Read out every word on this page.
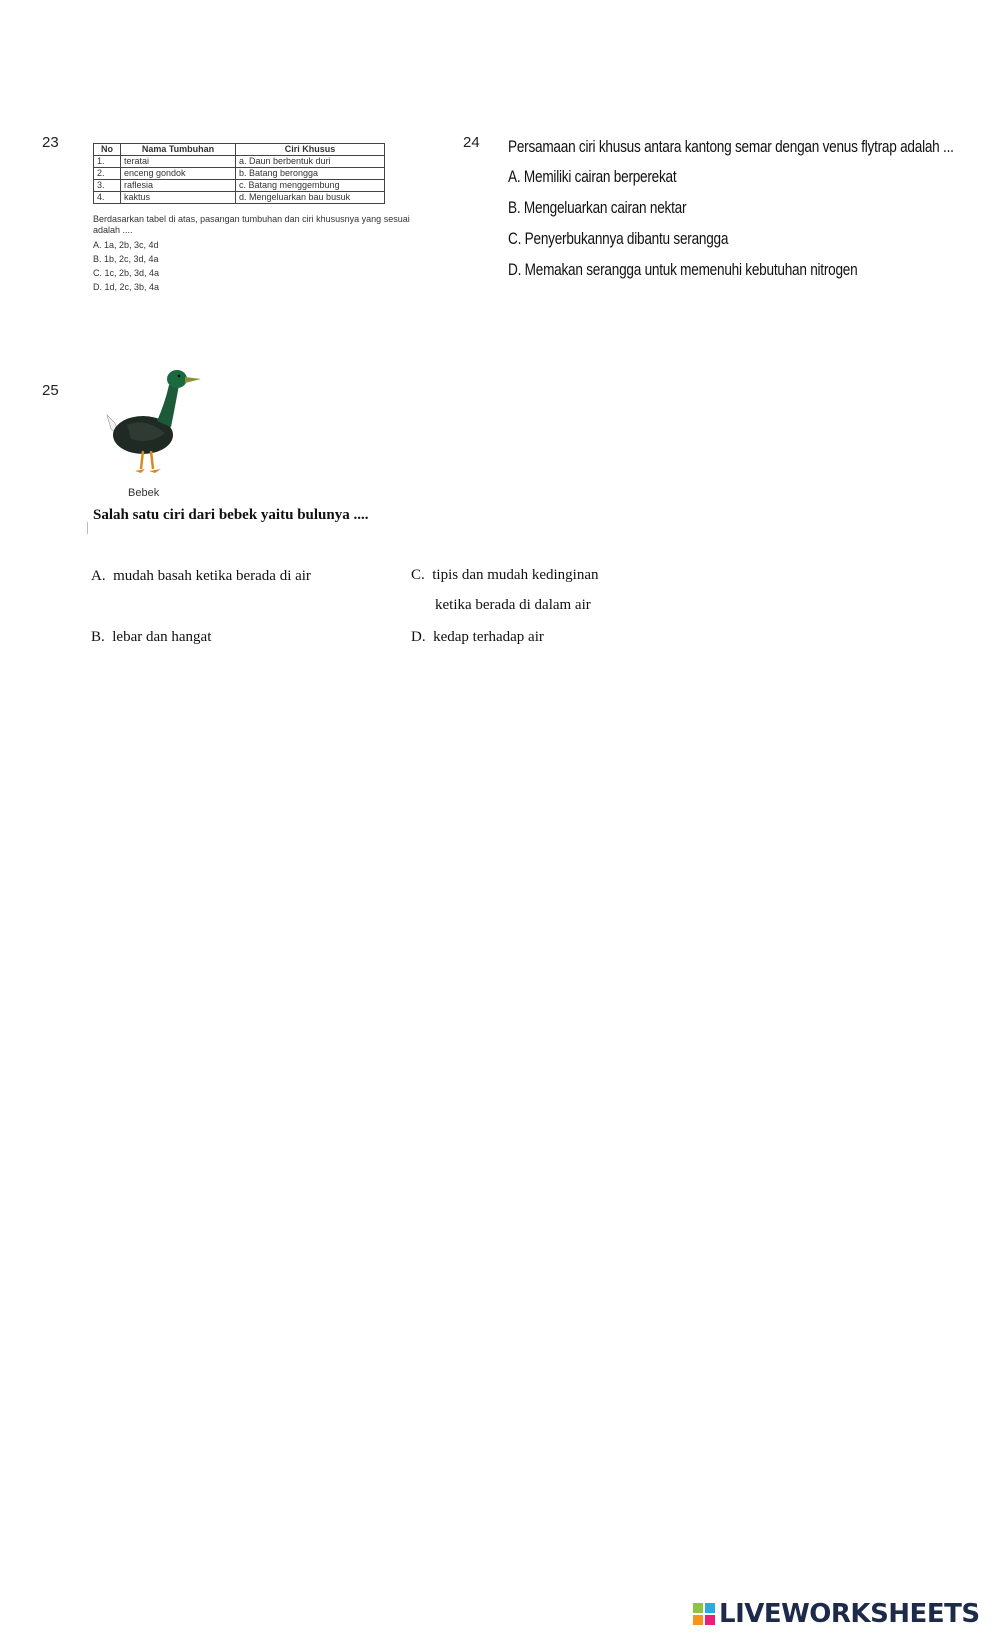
23	No	Nama Tumbuhan	Ciri Khusus
1.	teratai	a. Daun berbentuk duri
2.	enceng gondok	b. Batang berongga
3.	raflesia	c. Batang menggembung
4.	kaktus	d. Mengeluarkan bau busuk
Berdasarkan tabel di atas, pasangan tumbuhan dan ciri khususnya yang sesuai
adalah ....
A. 1a, 2b, 3c, 4d
B. 1b, 2c, 3d, 4a
C. 1c, 2b, 3d, 4a
D. 1d, 2c, 3b, 4a
24 Persamaan ciri khusus antara kantong semar dengan venus flytrap adalah ...
A. Memiliki cairan berperekat
B. Mengeluarkan cairan nektar
C. Penyerbukannya dibantu serangga
D. Memakan serangga untuk memenuhi kebutuhan nitrogen
25
Bebek
Salah satu ciri dari bebek yaitu bulunya ....
A. mudah basah ketika berada di air
B. lebar dan hangat
C. tipis dan mudah kedinginan
ketika berada di dalam air
D. kedap terhadap air
LIVEWORKSHEETS
